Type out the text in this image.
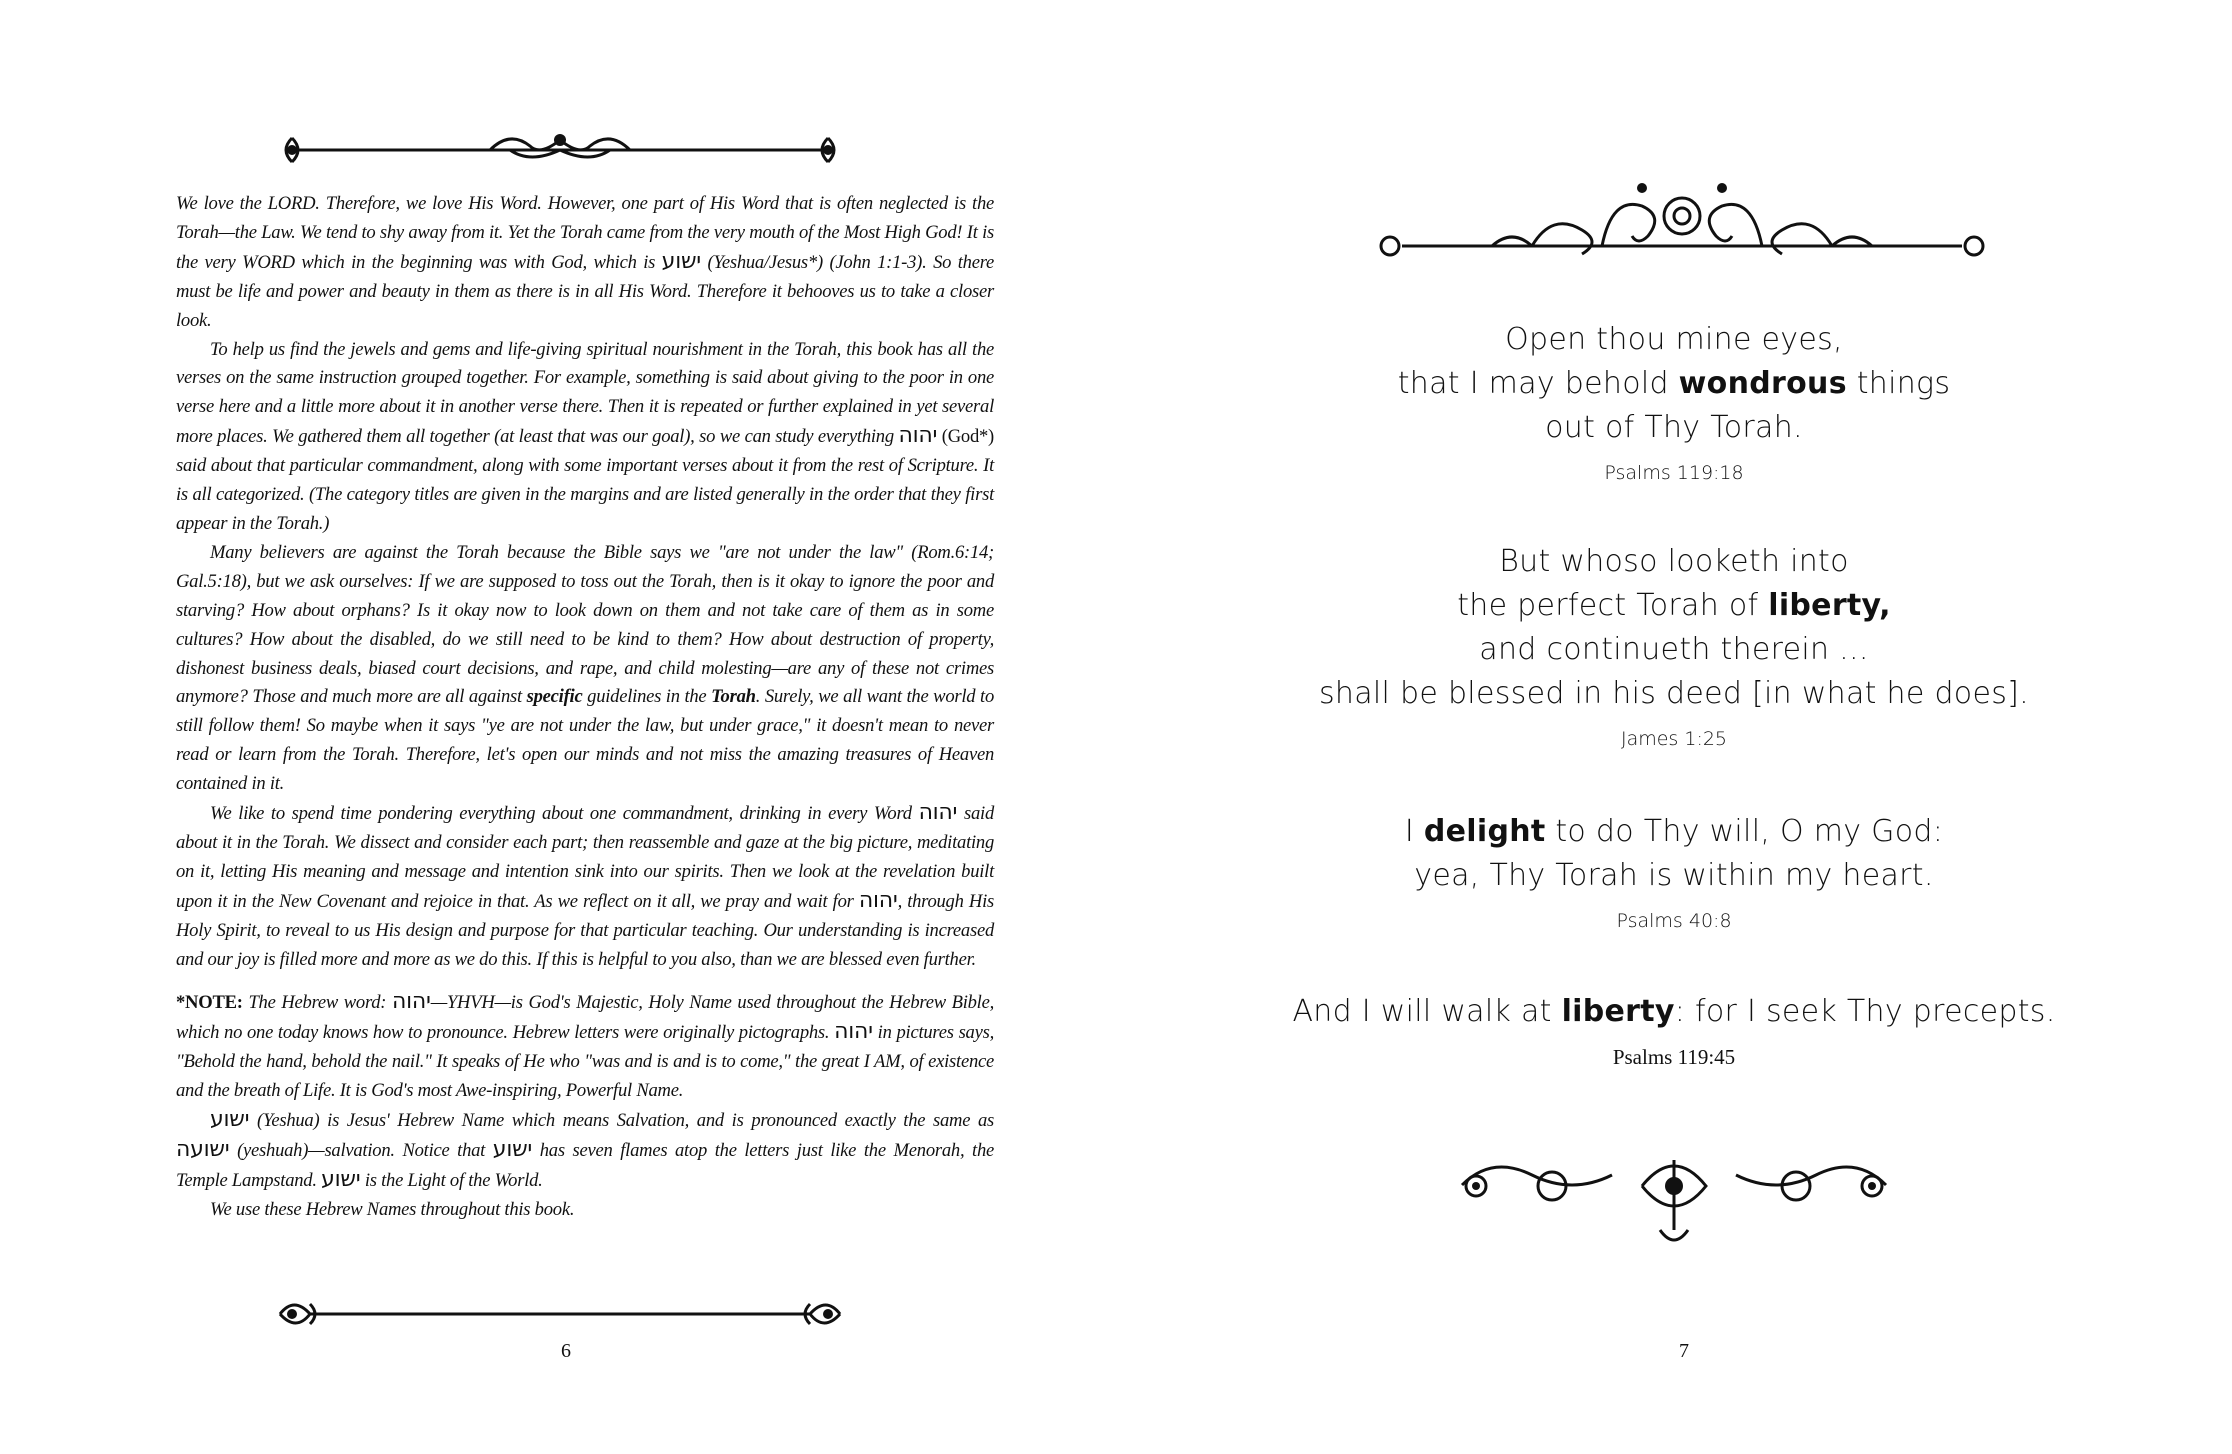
We love the LORD. Therefore, we love His Word. However, one part of His Word that is often neglected is the Torah—the Law. We tend to shy away from it. Yet the Torah came from the very mouth of the Most High God! It is the very WORD which in the beginning was with God, which is ישוע (Yeshua/Jesus*) (John 1:1-3). So there must be life and power and beauty in them as there is in all His Word. Therefore it behooves us to take a closer look.

To help us find the jewels and gems and life-giving spiritual nourishment in the Torah, this book has all the verses on the same instruction grouped together. For example, something is said about giving to the poor in one verse here and a little more about it in another verse there. Then it is repeated or further explained in yet several more places. We gathered them all together (at least that was our goal), so we can study everything יהוה (God*) said about that particular commandment, along with some important verses about it from the rest of Scripture. It is all categorized. (The category titles are given in the margins and are listed generally in the order that they first appear in the Torah.)

Many believers are against the Torah because the Bible says we "are not under the law" (Rom.6:14; Gal.5:18), but we ask ourselves: If we are supposed to toss out the Torah, then is it okay to ignore the poor and starving? How about orphans? Is it okay now to look down on them and not take care of them as in some cultures? How about the disabled, do we still need to be kind to them? How about destruction of property, dishonest business deals, biased court decisions, and rape, and child molesting—are any of these not crimes anymore? Those and much more are all against specific guidelines in the Torah. Surely, we all want the world to still follow them! So maybe when it says "ye are not under the law, but under grace," it doesn't mean to never read or learn from the Torah. Therefore, let's open our minds and not miss the amazing treasures of Heaven contained in it.

We like to spend time pondering everything about one commandment, drinking in every Word יהוה said about it in the Torah. We dissect and consider each part; then reassemble and gaze at the big picture, meditating on it, letting His meaning and message and intention sink into our spirits. Then we look at the revelation built upon it in the New Covenant and rejoice in that. As we reflect on it all, we pray and wait for יהוה, through His Holy Spirit, to reveal to us His design and purpose for that particular teaching. Our understanding is increased and our joy is filled more and more as we do this. If this is helpful to you also, than we are blessed even further.

*NOTE: The Hebrew word: יהוה—YHVH—is God's Majestic, Holy Name used throughout the Hebrew Bible, which no one today knows how to pronounce. Hebrew letters were originally pictographs. יהוה in pictures says, "Behold the hand, behold the nail." It speaks of He who "was and is and is to come," the great I AM, of existence and the breath of Life. It is God's most Awe-inspiring, Powerful Name.

ישוע (Yeshua) is Jesus' Hebrew Name which means Salvation, and is pronounced exactly the same as ישועה (yeshuah)—salvation. Notice that ישוע has seven flames atop the letters just like the Menorah, the Temple Lampstand. ישוע is the Light of the World.

We use these Hebrew Names throughout this book.

6
Open thou mine eyes,
that I may behold wondrous things
out of Thy Torah.
Psalms 119:18
But whoso looketh into
the perfect Torah of liberty,
and continueth therein ...
shall be blessed in his deed [in what he does].
James 1:25
I delight to do Thy will, O my God:
yea, Thy Torah is within my heart.
Psalms 40:8
And I will walk at liberty: for I seek Thy precepts.
Psalms 119:45
7
